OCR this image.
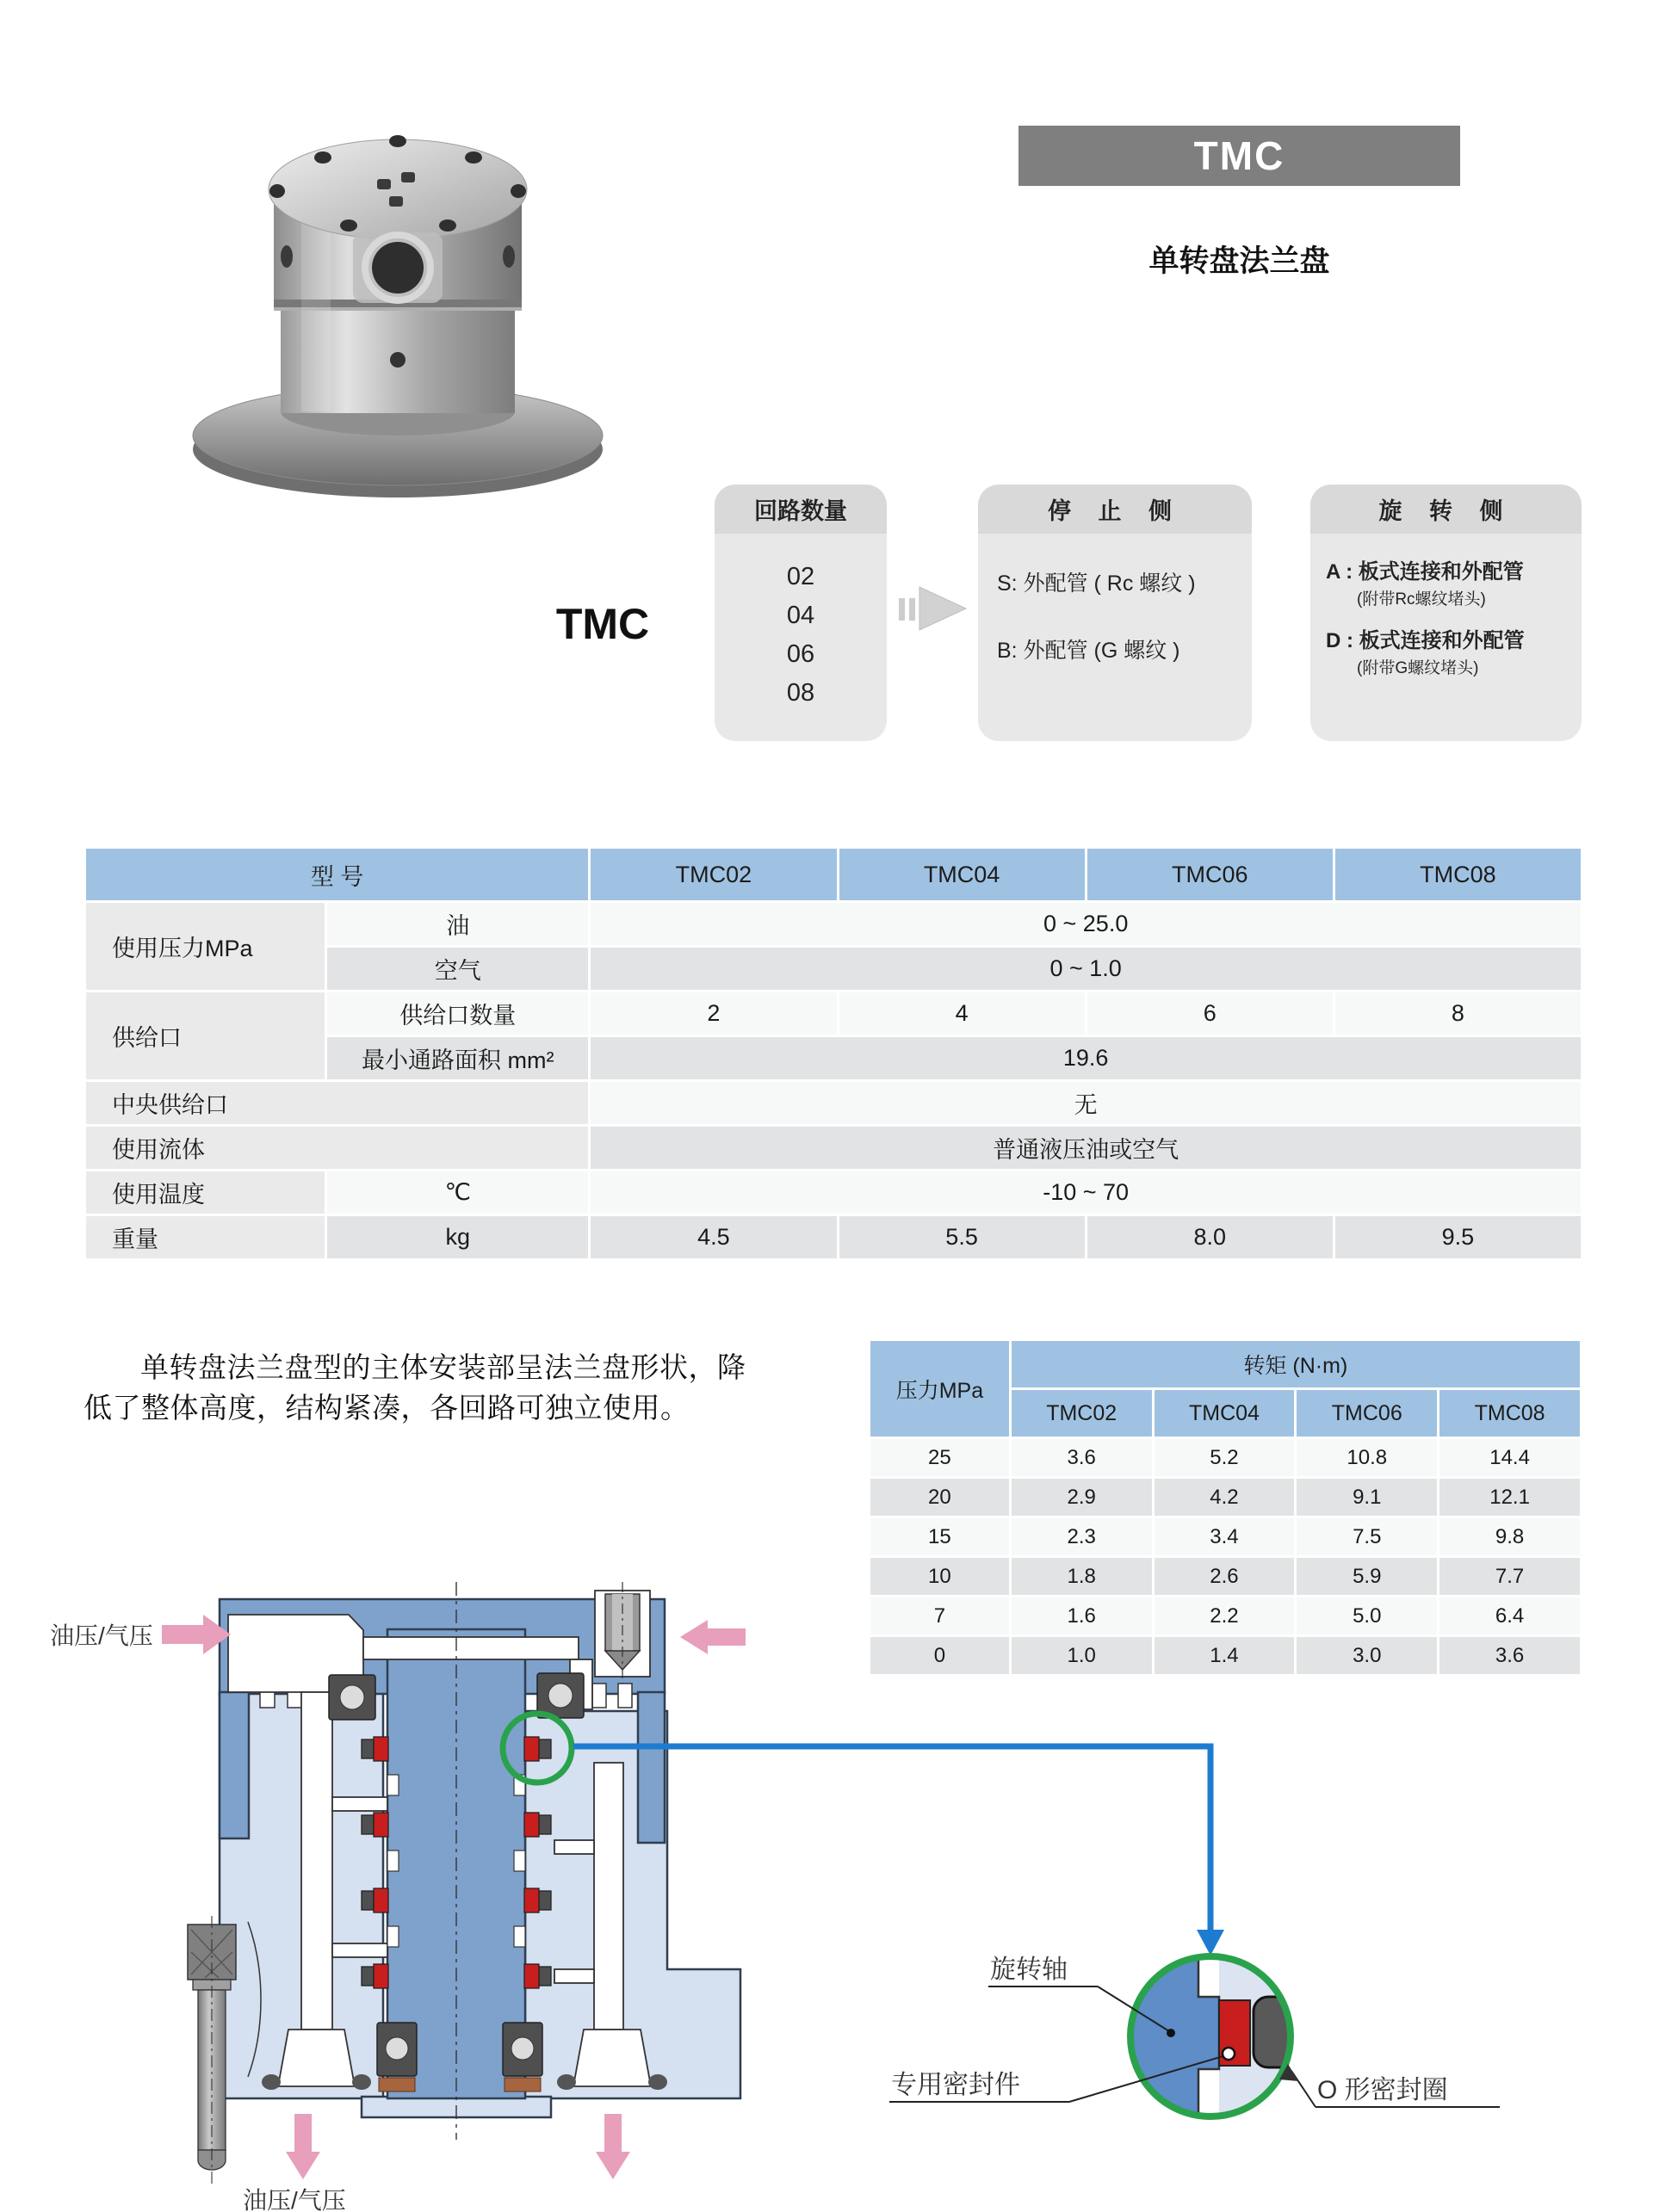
TMC
TMC
单转盘法兰盘
回路数量
02
04
06
08
停 止 侧
S: 外配管 ( Rc 螺纹 )
B: 外配管 (G 螺纹 )
旋 转 侧
A : 板式连接和外配管
(附带Rc螺纹堵头)
D : 板式连接和外配管
(附带G螺纹堵头)
型 号		TMC02	TMC04	TMC06	TMC08
使用压力MPa	油	0 ~ 25.0			
	空气	0 ~ 1.0			
供给口	供给口数量	2	4	6	8
	最小通路面积 mm²	19.6			
中央供给口		无			
使用流体		普通液压油或空气			
使用温度	℃	-10 ~ 70			
重量	kg	4.5	5.5	8.0	9.5

单转盘法兰盘型的主体安装部呈法兰盘形状，降低了整体高度，结构紧凑，各回路可独立使用。

压力MPa	转矩 (N·m)			
	TMC02	TMC04	TMC06	TMC08
25	3.6	5.2	10.8	14.4
20	2.9	4.2	9.1	12.1
15	2.3	3.4	7.5	9.8
10	1.8	2.6	5.9	7.7
7	1.6	2.2	5.0	6.4
0	1.0	1.4	3.0	3.6
油压/气压
油压/气压
旋转轴
专用密封件	O 形密封圈
